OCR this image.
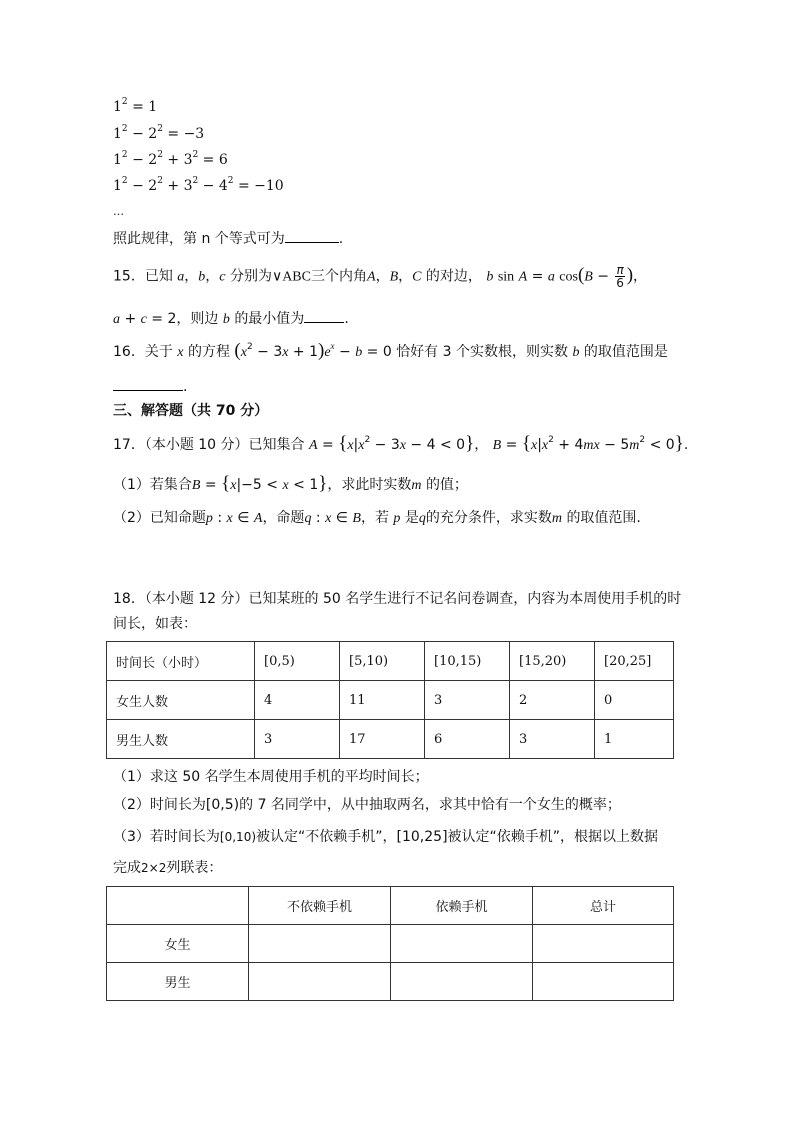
$1^2 = 1$
$1^2 - 2^2 = -3$
$1^2 - 2^2 + 3^2 = 6$
$1^2 - 2^2 + 3^2 - 4^2 = -10$
…
照此规律，第 n 个等式可为	.
15．已知 a，b，c 分别为∨ABC三个内角A，B，C 的对边， b sin A = a $\cos(B - \frac{\pi}{6}$ )，
a + c = 2，则边 b 的最小值为	.
16．关于 x 的方程 $(x^2 - 3x + 1)e^x - b = 0$ 恰好有 3 个实数根，则实数 b 的取值范围是
.
三、解答题（共 70 分）
17．（本小题 10 分）已知集合 $A = \{x|x^2 - 3x - 4 < 0\}$， $B = \{x|x^2 + 4mx - 5m^2 < 0\}$.
（1）若集合B = {x|−5 < x < 1}，求此时实数m 的值；
（2）已知命题p : x ∈ A，命题q : x ∈ B，若 p 是q的充分条件，求实数m 的取值范围.
18．（本小题 12 分）已知某班的 50 名学生进行不记名问卷调查，内容为本周使用手机的时
间长，如表：
时间长（小时）	[0,5)	[5,10)	[10,15)	[15,20)	[20,25]
女生人数	4	11	3	2	0
男生人数	3	17	6	3	1
（1）求这 50 名学生本周使用手机的平均时间长；
（2）时间长为[0,5)的 7 名同学中，从中抽取两名，求其中恰有一个女生的概率；
（3）若时间长为[0,10)被认定“不依赖手机”，[10,25]被认定“依赖手机”，根据以上数据
完成2×2列联表：
	不依赖手机	依赖手机	总计
女生			
男生			
